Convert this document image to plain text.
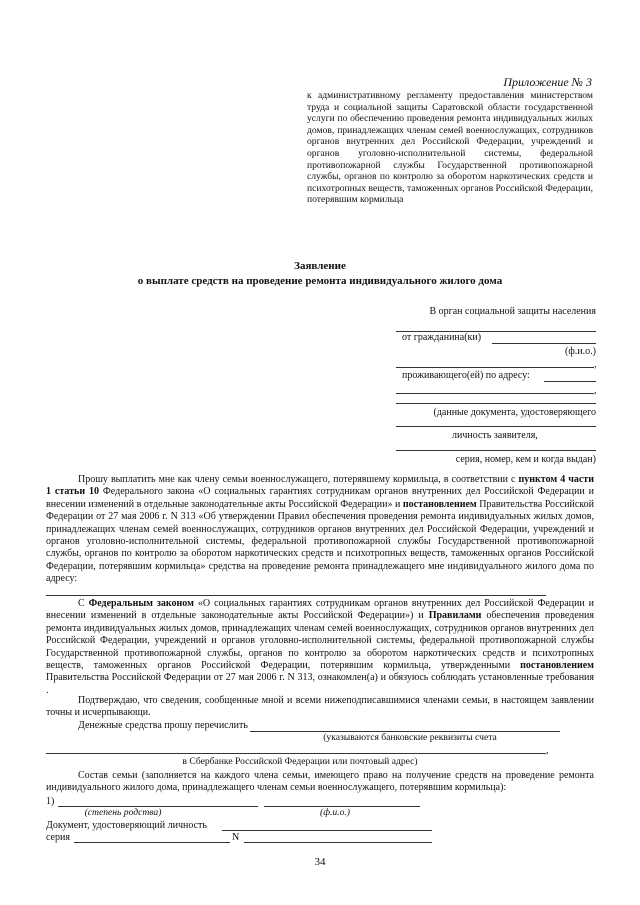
Приложение № 3
к административному регламенту предоставления министерством труда и социальной защиты Саратовской области государственной услуги по обеспечению проведения ремонта индивидуальных жилых домов, принадлежащих членам семей военнослужащих, сотрудников органов внутренних дел Российской Федерации, учреждений и органов уголовно-исполнительной системы, федеральной противопожарной службы Государственной противопожарной службы, органов по контролю за оборотом наркотических средств и психотропных веществ, таможенных органов Российской Федерации, потерявшим кормильца
Заявление
о выплате средств на проведение ремонта индивидуального жилого дома
В орган социальной защиты населения
от гражданина(ки)
(ф.и.о.)
,
проживающего(ей) по адресу:
,
(данные документа, удостоверяющего
личность заявителя,
серия, номер, кем и когда выдан)
Прошу выплатить мне как члену семьи военнослужащего, потерявшему кормильца, в соответствии с пунктом 4 части 1 статьи 10 Федерального закона «О социальных гарантиях сотрудникам органов внутренних дел Российской Федерации и внесении изменений в отдельные законодательные акты Российской Федерации» и постановлением Правительства Российской Федерации от 27 мая 2006 г. N 313 «Об утверждении Правил обеспечения проведения ремонта индивидуальных жилых домов, принадлежащих членам семей военнослужащих, сотрудников органов внутренних дел Российской Федерации, учреждений и органов уголовно-исполнительной системы, федеральной противопожарной службы Государственной противопожарной службы, органов по контролю за оборотом наркотических средств и психотропных веществ, таможенных органов Российской Федерации, потерявшим кормильца» средства на проведение ремонта принадлежащего мне индивидуального жилого дома по адресу:
С Федеральным законом «О социальных гарантиях сотрудникам органов внутренних дел Российской Федерации и внесении изменений в отдельные законодательные акты Российской Федерации») и Правилами обеспечения проведения ремонта индивидуальных жилых домов, принадлежащих членам семей военнослужащих, сотрудников органов внутренних дел Российской Федерации, учреждений и органов уголовно-исполнительной системы, федеральной противопожарной службы Государственной противопожарной службы, органов по контролю за оборотом наркотических средств и психотропных веществ, таможенных органов Российской Федерации, потерявшим кормильца, утвержденными постановлением Правительства Российской Федерации от 27 мая 2006 г. N 313, ознакомлен(а) и обязуюсь соблюдать установленные требования .
Подтверждаю, что сведения, сообщенные мной и всеми нижеподписавшимися членами семьи, в настоящем заявлении точны и исчерпывающи.
Денежные средства прошу перечислить
(указываются банковские реквизиты счета
,
в Сбербанке Российской Федерации или почтовый адрес)
Состав семьи (заполняется на каждого члена семьи, имеющего право на получение средств на проведение ремонта индивидуального жилого дома, принадлежащего членам семьи военнослужащего, потерявшим кормильца):
1)
(степень родства)	(ф.и.о.)
Документ, удостоверяющий личность
серия	N
34
